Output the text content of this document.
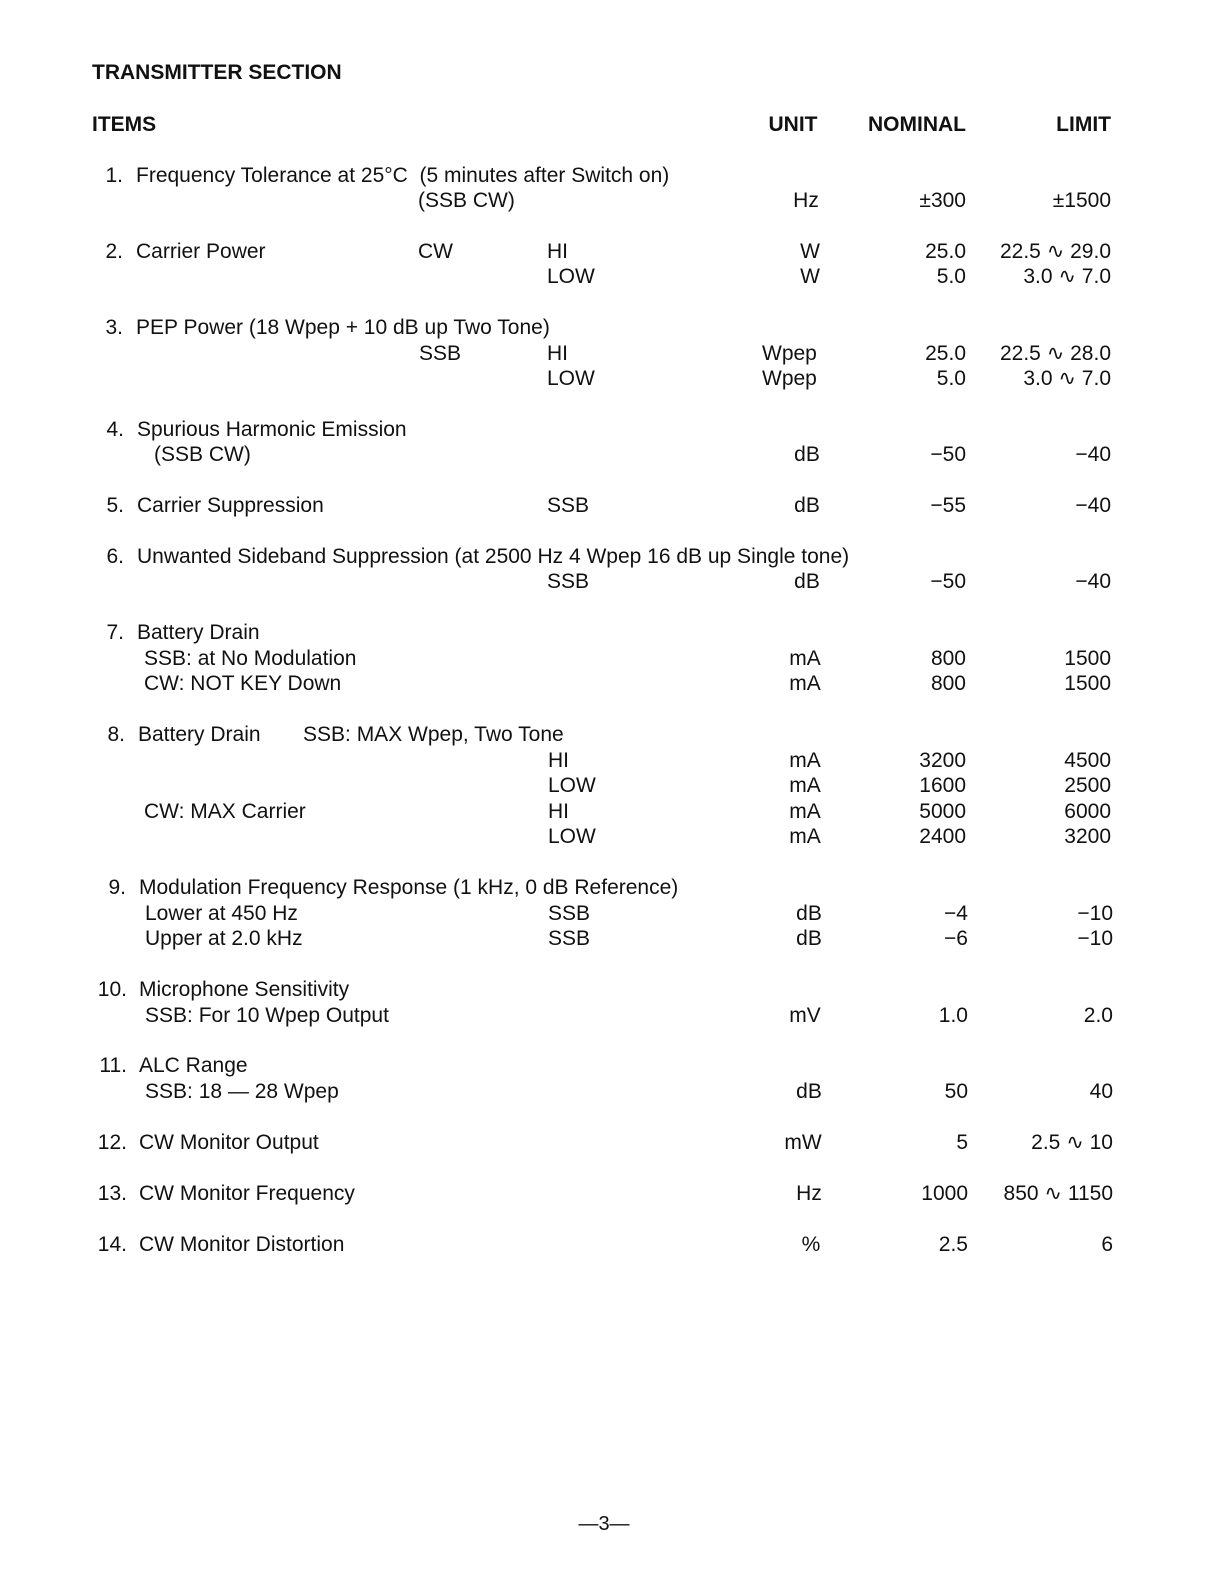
TRANSMITTER SECTION
ITEMS	UNIT	NOMINAL	LIMIT
1. Frequency Tolerance at 25°C  (5 minutes after Switch on)
(SSB CW)	Hz	±300	±1500
2. Carrier Power	CW	HI	W	25.0	22.5 ∿ 29.0
LOW	W	5.0	3.0 ∿ 7.0
3. PEP Power (18 Wpep + 10 dB up Two Tone)
SSB	HI	Wpep	25.0	22.5 ∿ 28.0
LOW	Wpep	5.0	3.0 ∿ 7.0
4. Spurious Harmonic Emission
(SSB CW)	dB	−50	−40
5. Carrier Suppression	SSB	dB	−55	−40
6. Unwanted Sideband Suppression (at 2500 Hz 4 Wpep 16 dB up Single tone)
SSB	dB	−50	−40
7. Battery Drain
SSB: at No Modulation	mA	800	1500
CW: NOT KEY Down	mA	800	1500
8. Battery Drain SSB: MAX Wpep, Two Tone
HI	mA	3200	4500
LOW	mA	1600	2500
CW: MAX Carrier	HI	mA	5000	6000
LOW	mA	2400	3200
9. Modulation Frequency Response (1 kHz, 0 dB Reference)
Lower at 450 Hz	SSB	dB	−4	−10
Upper at 2.0 kHz	SSB	dB	−6	−10
10. Microphone Sensitivity
SSB: For 10 Wpep Output	mV	1.0	2.0
11. ALC Range
SSB: 18 — 28 Wpep	dB	50	40
12. CW Monitor Output	mW	5	2.5 ∿ 10
13. CW Monitor Frequency	Hz	1000	850 ∿ 1150
14. CW Monitor Distortion	%	2.5	6
—3—
